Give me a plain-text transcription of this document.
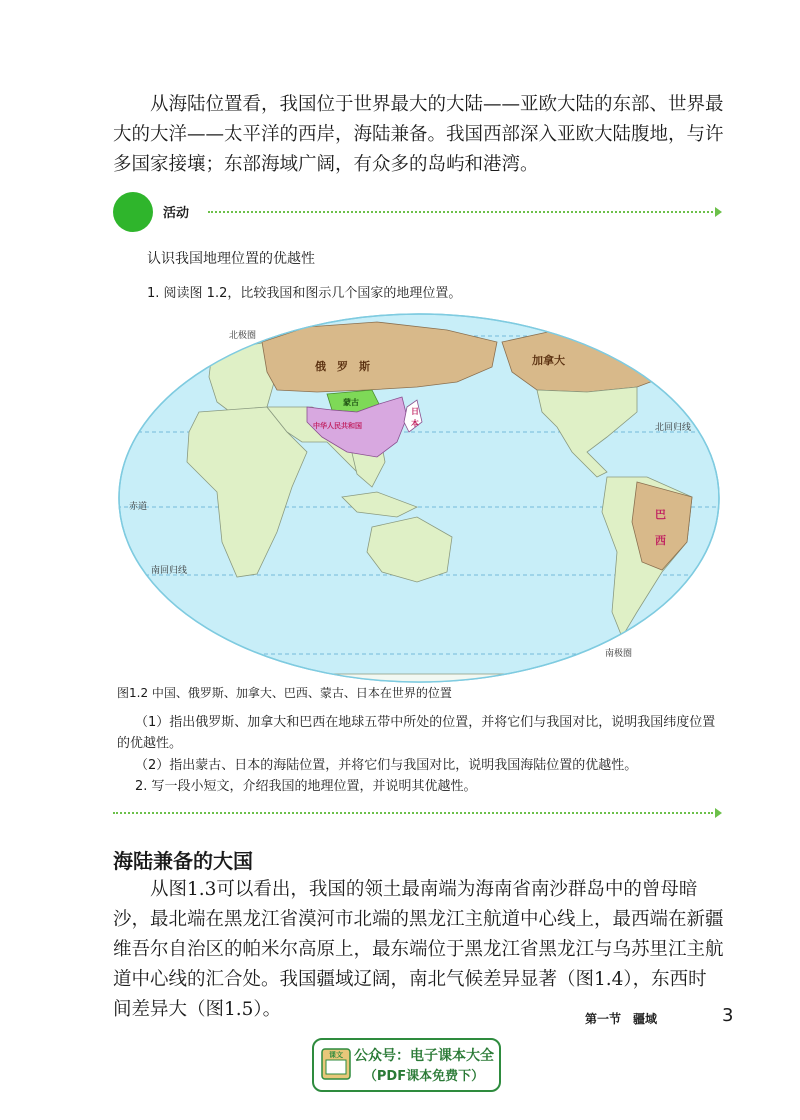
从海陆位置看，我国位于世界最大的大陆——亚欧大陆的东部、世界最大的大洋——太平洋的西岸，海陆兼备。我国西部深入亚欧大陆腹地，与许多国家接壤；东部海域广阔，有众多的岛屿和港湾。

活动
认识我国地理位置的优越性

1. 阅读图 1.2，比较我国和图示几个国家的地理位置。

北极圈
北回归线
赤道
南回归线
南极圈
俄　罗　斯	加拿大
蒙古
中华人民共和国
日
本
巴
西
图1.2 中国、俄罗斯、加拿大、巴西、蒙古、日本在世界的位置

（1）指出俄罗斯、加拿大和巴西在地球五带中所处的位置，并将它们与我国对比，说明我国纬度位置的优越性。

（2）指出蒙古、日本的海陆位置，并将它们与我国对比，说明我国海陆位置的优越性。

2. 写一段小短文，介绍我国的地理位置，并说明其优越性。

海陆兼备的大国

从图1.3可以看出，我国的领土最南端为海南省南沙群岛中的曾母暗沙，最北端在黑龙江省漠河市北端的黑龙江主航道中心线上，最西端在新疆维吾尔自治区的帕米尔高原上，最东端位于黑龙江省黑龙江与乌苏里江主航道中心线的汇合处。我国疆域辽阔，南北气候差异显著（图1.4），东西时间差异大（图1.5）。	第一节　疆域	3
课文 公众号：电子课本大全
（PDF课本免费下）
